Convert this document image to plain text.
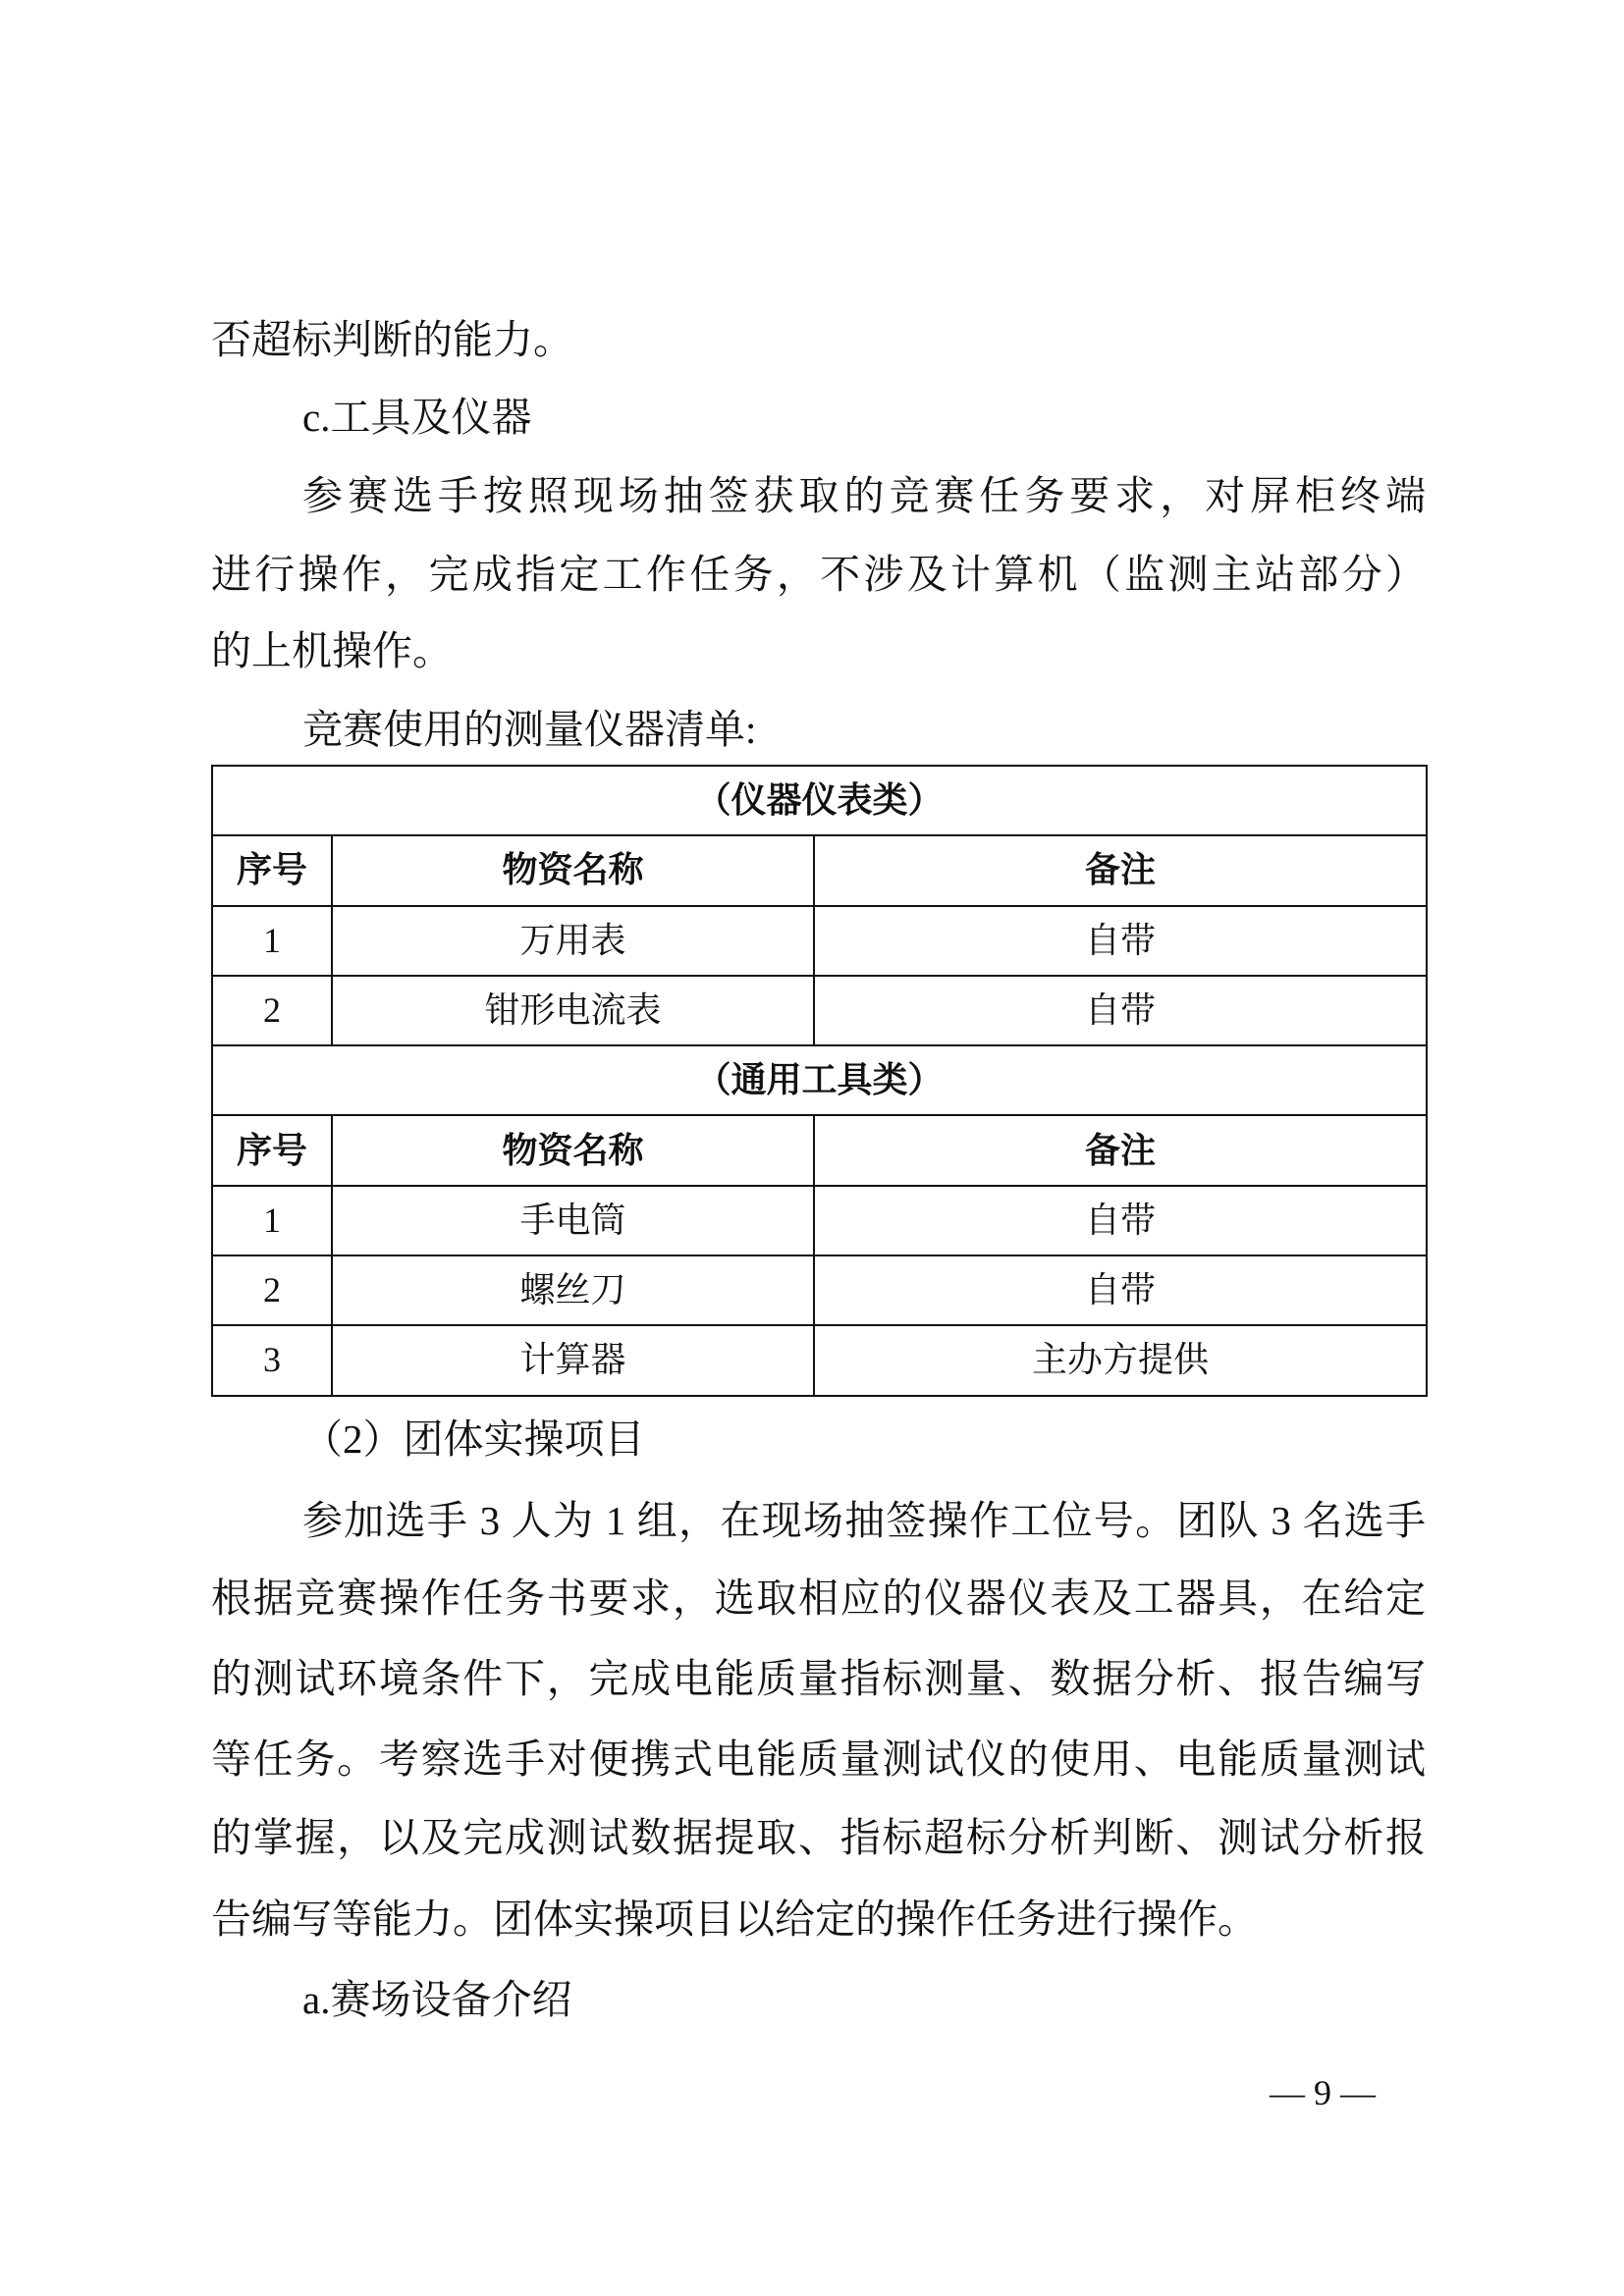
否超标判断的能力。
c.工具及仪器
参赛选手按照现场抽签获取的竞赛任务要求，对屏柜终端
进行操作，完成指定工作任务，不涉及计算机（监测主站部分）
的上机操作。
竞赛使用的测量仪器清单:
（仪器仪表类）		
序号	物资名称	备注
1	万用表	自带
2	钳形电流表	自带
（通用工具类）		
序号	物资名称	备注
1	手电筒	自带
2	螺丝刀	自带
3	计算器	主办方提供
（2）团体实操项目
参加选手 3 人为 1 组，在现场抽签操作工位号。团队 3 名选手
根据竞赛操作任务书要求，选取相应的仪器仪表及工器具，在给定
的测试环境条件下，完成电能质量指标测量、数据分析、报告编写
等任务。考察选手对便携式电能质量测试仪的使用、电能质量测试
的掌握，以及完成测试数据提取、指标超标分析判断、测试分析报
告编写等能力。团体实操项目以给定的操作任务进行操作。
a.赛场设备介绍
— 9 —
